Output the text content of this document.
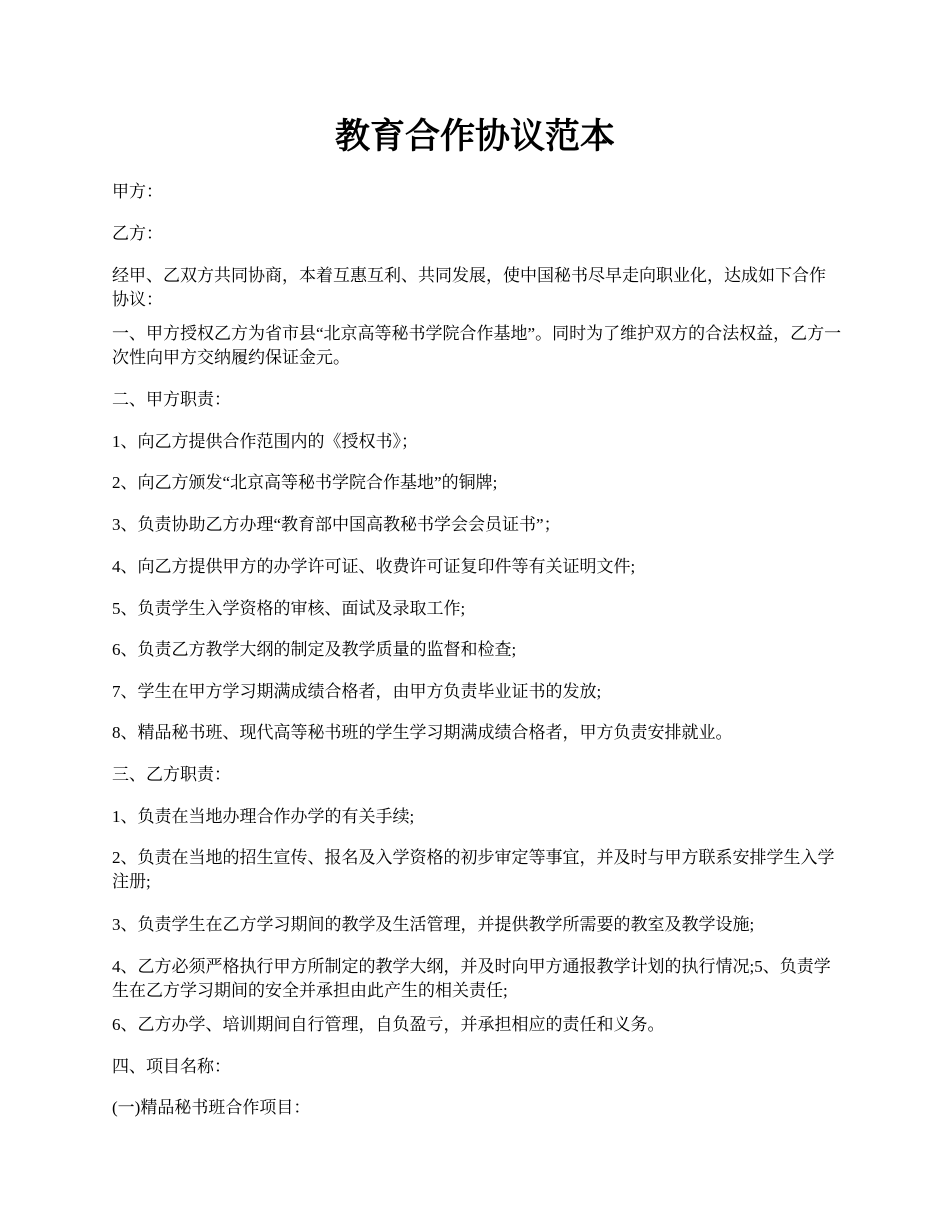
教育合作协议范本

甲方：

乙方：

经甲、乙双方共同协商，本着互惠互利、共同发展，使中国秘书尽早走向职业化，达成如下合作协议：

一、甲方授权乙方为省市县“北京高等秘书学院合作基地”。同时为了维护双方的合法权益，乙方一次性向甲方交纳履约保证金元。

二、甲方职责：

1、向乙方提供合作范围内的《授权书》；

2、向乙方颁发“北京高等秘书学院合作基地”的铜牌;

3、负责协助乙方办理“教育部中国高教秘书学会会员证书”；

4、向乙方提供甲方的办学许可证、收费许可证复印件等有关证明文件;

5、负责学生入学资格的审核、面试及录取工作;

6、负责乙方教学大纲的制定及教学质量的监督和检查;

7、学生在甲方学习期满成绩合格者，由甲方负责毕业证书的发放;

8、精品秘书班、现代高等秘书班的学生学习期满成绩合格者，甲方负责安排就业。

三、乙方职责：

1、负责在当地办理合作办学的有关手续;

2、负责在当地的招生宣传、报名及入学资格的初步审定等事宜，并及时与甲方联系安排学生入学注册;

3、负责学生在乙方学习期间的教学及生活管理，并提供教学所需要的教室及教学设施;

4、乙方必须严格执行甲方所制定的教学大纲，并及时向甲方通报教学计划的执行情况;5、负责学生在乙方学习期间的安全并承担由此产生的相关责任;

6、乙方办学、培训期间自行管理，自负盈亏，并承担相应的责任和义务。

四、项目名称：

(一)精品秘书班合作项目：
